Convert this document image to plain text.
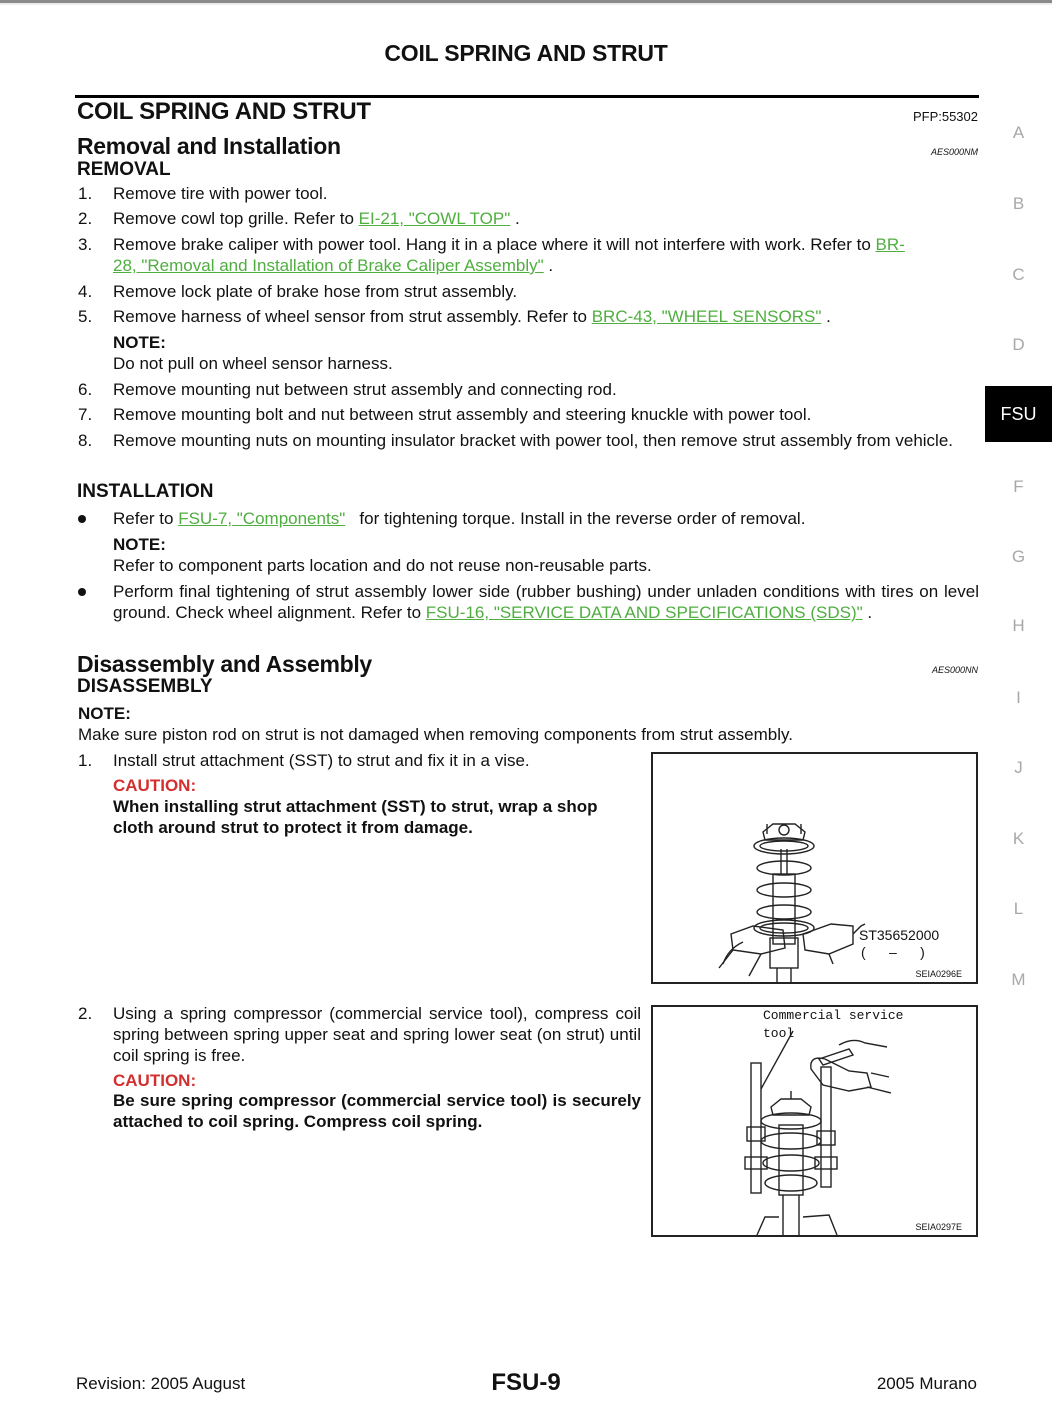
COIL SPRING AND STRUT
COIL SPRING AND STRUT	PFP:55302
Removal and Installation	AES000NM
REMOVAL
1.	Remove tire with power tool.
2.	Remove cowl top grille. Refer to EI-21, "COWL TOP" .
3.	Remove brake caliper with power tool. Hang it in a place where it will not interfere with work. Refer to BR-
28, "Removal and Installation of Brake Caliper Assembly" .
4.	Remove lock plate of brake hose from strut assembly.
5.	Remove harness of wheel sensor from strut assembly. Refer to BRC-43, "WHEEL SENSORS" .
NOTE:
Do not pull on wheel sensor harness.
6.	Remove mounting nut between strut assembly and connecting rod.
7.	Remove mounting bolt and nut between strut assembly and steering knuckle with power tool.
8.	Remove mounting nuts on mounting insulator bracket with power tool, then remove strut assembly from vehicle.
INSTALLATION
Refer to FSU-7, "Components"   for tightening torque. Install in the reverse order of removal.
NOTE:
Refer to component parts location and do not reuse non-reusable parts.
Perform final tightening of strut assembly lower side (rubber bushing) under unladen conditions with tires on level ground. Check wheel alignment. Refer to FSU-16, "SERVICE DATA AND SPECIFICATIONS (SDS)" .
Disassembly and Assembly	AES000NN
DISASSEMBLY
NOTE:
Make sure piston rod on strut is not damaged when removing components from strut assembly.
1.	Install strut attachment (SST) to strut and fix it in a vise.
CAUTION:
When installing strut attachment (SST) to strut, wrap a shop cloth around strut to protect it from damage.
2.	Using a spring compressor (commercial service tool), compress coil spring between spring upper seat and spring lower seat (on strut) until coil spring is free.
CAUTION:
Be sure spring compressor (commercial service tool) is securely attached to coil spring. Compress coil spring.
ST35652000
(      –      )
SEIA0296E
Commercial service
tool
SEIA0297E
A
B
C
D
FSU
F
G
H
I
J
K
L
M
Revision: 2005 August	FSU-9	2005 Murano
